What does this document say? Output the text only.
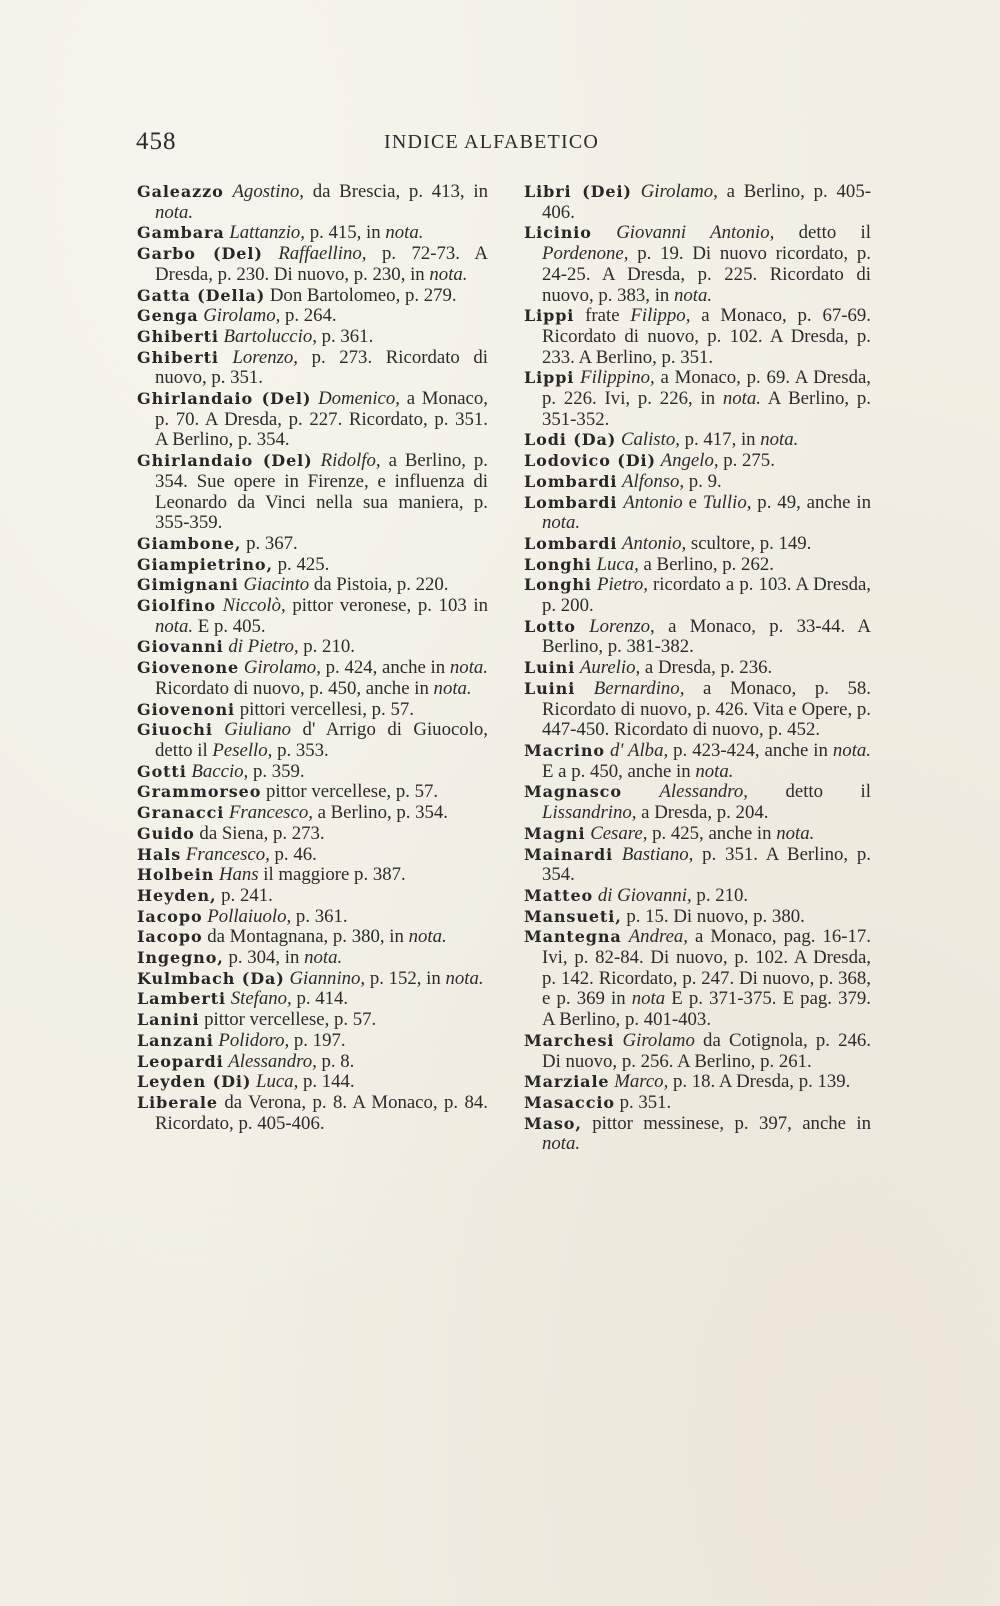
458	INDICE ALFABETICO

Galeazzo Agostino, da Brescia, p. 413, in nota.

Gambara Lattanzio, p. 415, in nota.

Garbo (Del) Raffaellino, p. 72-73. A Dresda, p. 230. Di nuovo, p. 230, in nota.

Gatta (Della) Don Bartolomeo, p. 279.

Genga Girolamo, p. 264.

Ghiberti Bartoluccio, p. 361.

Ghiberti Lorenzo, p. 273. Ricordato di nuovo, p. 351.

Ghirlandaio (Del) Domenico, a Monaco, p. 70. A Dresda, p. 227. Ricordato, p. 351. A Berlino, p. 354.

Ghirlandaio (Del) Ridolfo, a Berlino, p. 354. Sue opere in Firenze, e influenza di Leonardo da Vinci nella sua maniera, p. 355-359.

Giambone, p. 367.

Giampietrino, p. 425.

Gimignani Giacinto da Pistoia, p. 220.

Giolfino Niccolò, pittor veronese, p. 103 in nota. E p. 405.

Giovanni di Pietro, p. 210.

Giovenone Girolamo, p. 424, anche in nota. Ricordato di nuovo, p. 450, anche in nota.

Giovenoni pittori vercellesi, p. 57.

Giuochi Giuliano d' Arrigo di Giuocolo, detto il Pesello, p. 353.

Gotti Baccio, p. 359.

Grammorseo pittor vercellese, p. 57.

Granacci Francesco, a Berlino, p. 354.

Guido da Siena, p. 273.

Hals Francesco, p. 46.

Holbein Hans il maggiore p. 387.

Heyden, p. 241.

Iacopo Pollaiuolo, p. 361.

Iacopo da Montagnana, p. 380, in nota.

Ingegno, p. 304, in nota.

Kulmbach (Da) Giannino, p. 152, in nota.

Lamberti Stefano, p. 414.

Lanini pittor vercellese, p. 57.

Lanzani Polidoro, p. 197.

Leopardi Alessandro, p. 8.

Leyden (Di) Luca, p. 144.

Liberale da Verona, p. 8. A Monaco, p. 84. Ricordato, p. 405-406.

Libri (Dei) Girolamo, a Berlino, p. 405-406.

Licinio Giovanni Antonio, detto il Pordenone, p. 19. Di nuovo ricordato, p. 24-25. A Dresda, p. 225. Ricordato di nuovo, p. 383, in nota.

Lippi frate Filippo, a Monaco, p. 67-69. Ricordato di nuovo, p. 102. A Dresda, p. 233. A Berlino, p. 351.

Lippi Filippino, a Monaco, p. 69. A Dresda, p. 226. Ivi, p. 226, in nota. A Berlino, p. 351-352.

Lodi (Da) Calisto, p. 417, in nota.

Lodovico (Di) Angelo, p. 275.

Lombardi Alfonso, p. 9.

Lombardi Antonio e Tullio, p. 49, anche in nota.

Lombardi Antonio, scultore, p. 149.

Longhi Luca, a Berlino, p. 262.

Longhi Pietro, ricordato a p. 103. A Dresda, p. 200.

Lotto Lorenzo, a Monaco, p. 33-44. A Berlino, p. 381-382.

Luini Aurelio, a Dresda, p. 236.

Luini Bernardino, a Monaco, p. 58. Ricordato di nuovo, p. 426. Vita e Opere, p. 447-450. Ricordato di nuovo, p. 452.

Macrino d' Alba, p. 423-424, anche in nota. E a p. 450, anche in nota.

Magnasco Alessandro, detto il Lissandrino, a Dresda, p. 204.

Magni Cesare, p. 425, anche in nota.

Mainardi Bastiano, p. 351. A Berlino, p. 354.

Matteo di Giovanni, p. 210.

Mansueti, p. 15. Di nuovo, p. 380.

Mantegna Andrea, a Monaco, pag. 16-17. Ivi, p. 82-84. Di nuovo, p. 102. A Dresda, p. 142. Ricordato, p. 247. Di nuovo, p. 368, e p. 369 in nota E p. 371-375. E pag. 379. A Berlino, p. 401-403.

Marchesi Girolamo da Cotignola, p. 246. Di nuovo, p. 256. A Berlino, p. 261.

Marziale Marco, p. 18. A Dresda, p. 139.

Masaccio p. 351.

Maso, pittor messinese, p. 397, anche in nota.
